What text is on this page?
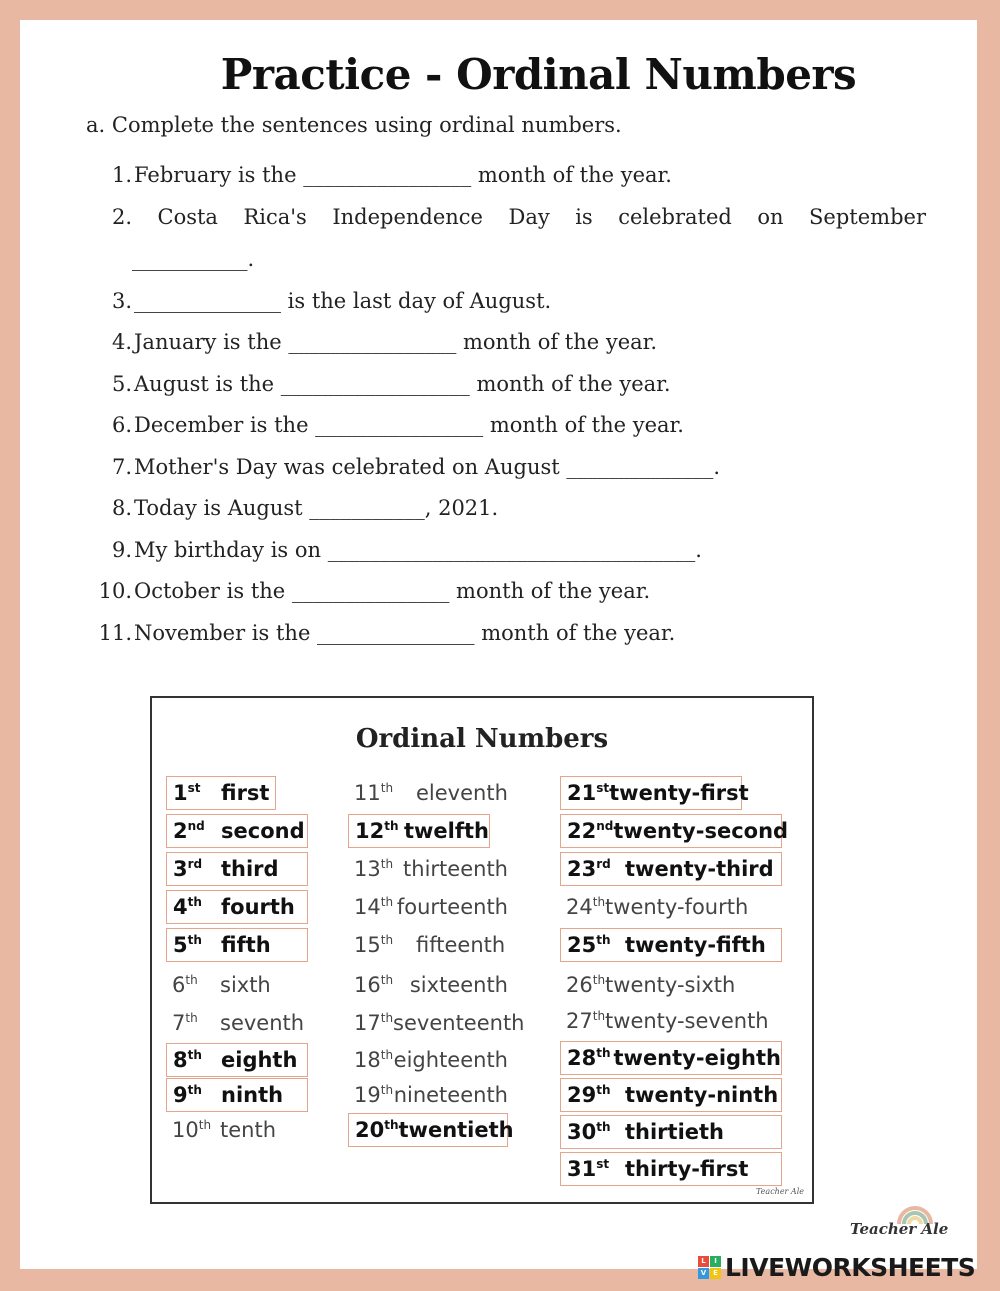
Practice - Ordinal Numbers
a. Complete the sentences using ordinal numbers.
1.February is the ________________ month of the year.
2. Costa Rica's Independence Day is celebrated on September
___________.
3.______________ is the last day of August.
4.January is the ________________ month of the year.
5.August is the __________________ month of the year.
6.December is the ________________ month of the year.
7.Mother's Day was celebrated on August ______________.
8.Today is August ___________, 2021.
9.My birthday is on ___________________________________.
10.October is the _______________ month of the year.
11.November is the _______________ month of the year.
Ordinal Numbers
1st first
2nd second
3rd third
4th fourth
5th fifth
6th	sixth
7th	seventh
8th eighth
9th ninth
10th tenth
11th	eleventh
12th twelfth
13th thirteenth
14th fourteenth
15th	fifteenth
16th sixteenth
17th seventeenth
18th eighteenth
19th nineteenth
20th twentieth
21st twenty-first
22nd twenty-second
23rd twenty-third
24th twenty-fourth
25th twenty-fifth
26th twenty-sixth
27th twenty-seventh
28th twenty-eighth
29th twenty-ninth
30th thirtieth
31st thirty-first
Teacher Ale
Teacher Ale
L	I
V E LIVEWORKSHEETS
